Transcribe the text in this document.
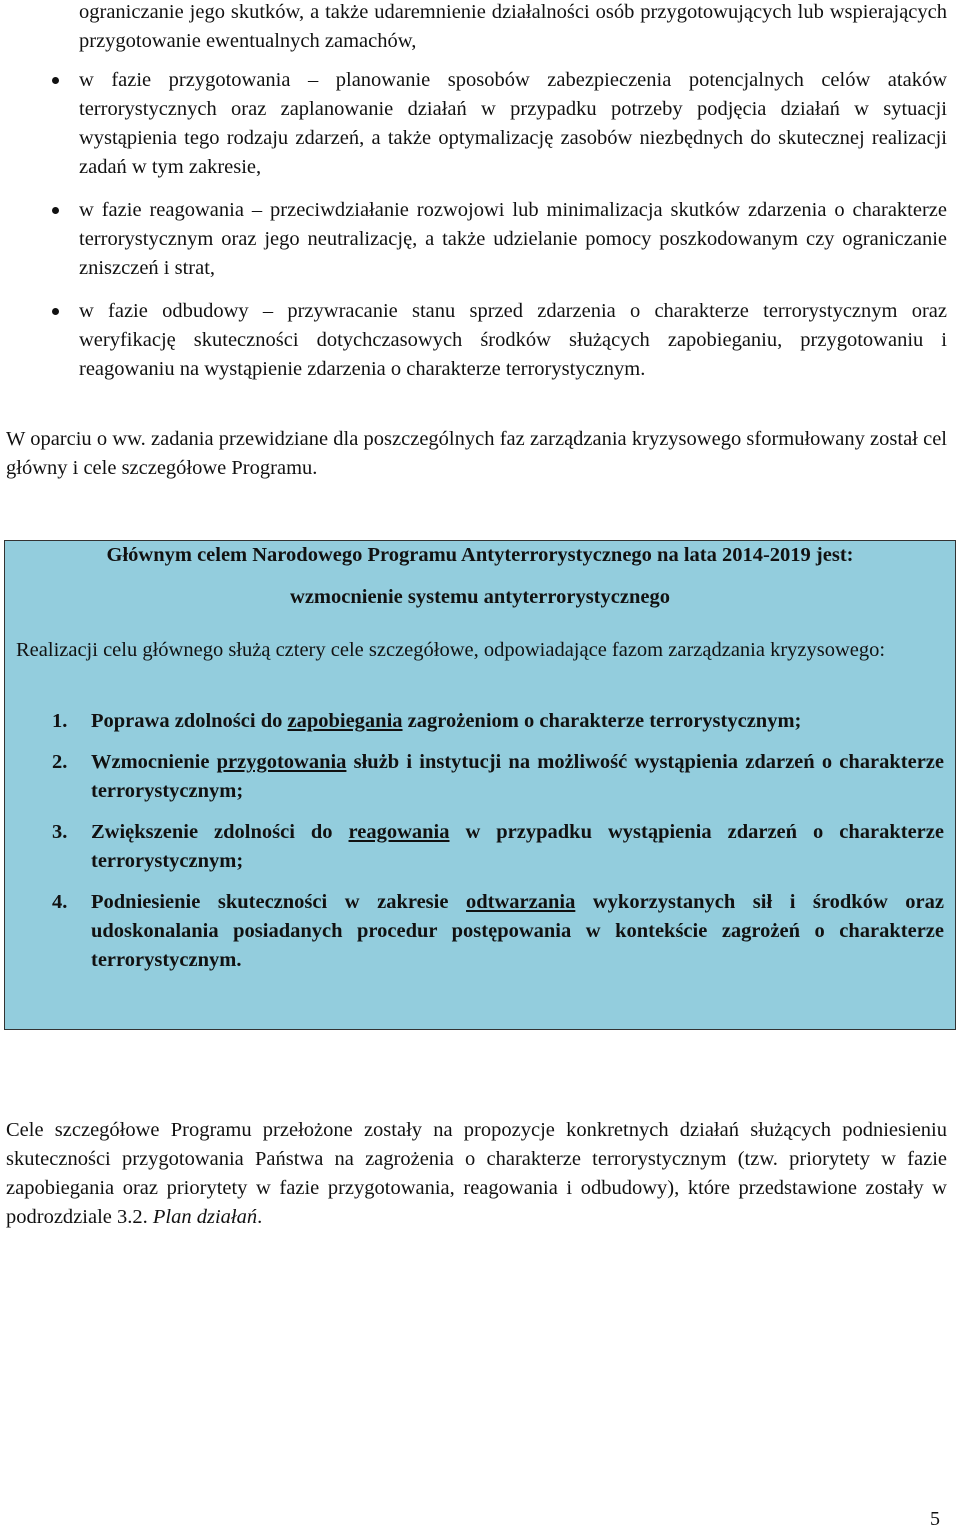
ograniczanie jego skutków, a także udaremnienie działalności osób przygotowujących lub wspierających przygotowanie ewentualnych zamachów,
w fazie przygotowania – planowanie sposobów zabezpieczenia potencjalnych celów ataków terrorystycznych oraz zaplanowanie działań w przypadku potrzeby podjęcia działań w sytuacji wystąpienia tego rodzaju zdarzeń, a także optymalizację zasobów niezbędnych do skutecznej realizacji zadań w tym zakresie,
w fazie reagowania – przeciwdziałanie rozwojowi lub minimalizacja skutków zdarzenia o charakterze terrorystycznym oraz jego neutralizację, a także udzielanie pomocy poszkodowanym czy ograniczanie zniszczeń i strat,
w fazie odbudowy – przywracanie stanu sprzed zdarzenia o charakterze terrorystycznym oraz weryfikację skuteczności dotychczasowych środków służących zapobieganiu, przygotowaniu i reagowaniu na wystąpienie zdarzenia o charakterze terrorystycznym.
W oparciu o ww. zadania przewidziane dla poszczególnych faz zarządzania kryzysowego sformułowany został cel główny i cele szczegółowe Programu.
Głównym celem Narodowego Programu Antyterrorystycznego na lata 2014-2019 jest:
wzmocnienie systemu antyterrorystycznego
Realizacji celu głównego służą cztery cele szczegółowe, odpowiadające fazom zarządzania kryzysowego:
1. Poprawa zdolności do zapobiegania zagrożeniom o charakterze terrorystycznym;
2. Wzmocnienie przygotowania służb i instytucji na możliwość wystąpienia zdarzeń o charakterze terrorystycznym;
3. Zwiększenie zdolności do reagowania w przypadku wystąpienia zdarzeń o charakterze terrorystycznym;
4. Podniesienie skuteczności w zakresie odtwarzania wykorzystanych sił i środków oraz udoskonalania posiadanych procedur postępowania w kontekście zagrożeń o charakterze terrorystycznym.
Cele szczegółowe Programu przełożone zostały na propozycje konkretnych działań służących podniesieniu skuteczności przygotowania Państwa na zagrożenia o charakterze terrorystycznym (tzw. priorytety w fazie zapobiegania oraz priorytety w fazie przygotowania, reagowania i odbudowy), które przedstawione zostały w podrozdziale 3.2. Plan działań.
5
